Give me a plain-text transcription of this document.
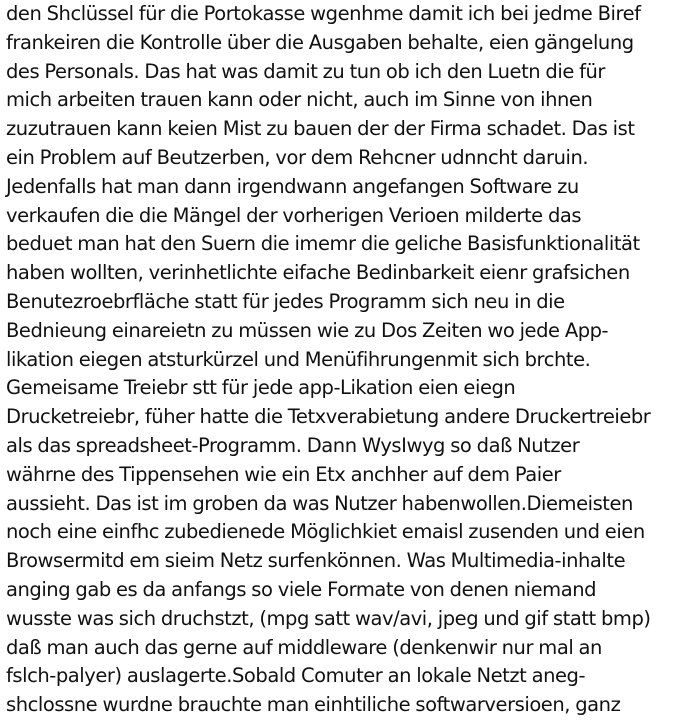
den Shclüssel für die Portokasse wgenhme damit ich bei jedme Biref
frankeiren die Kontrolle über die Ausgaben behalte, eien gängelung
des Personals. Das hat was damit zu tun ob ich den Luetn die für
mich arbeiten trauen kann oder nicht, auch im Sinne von ihnen
zuzutrauen kann keien Mist zu bauen der der Firma schadet. Das ist
ein Problem auf Beutzerben, vor dem Rehcner udnncht daruin.
Jedenfalls hat man dann irgendwann angefangen Software zu
verkaufen die die Mängel der vorherigen Verioen milderte das
beduet man hat den Suern die imemr die geliche Basisfunktionalität
haben wollten, verinhetlichte eifache Bedinbarkeit eienr grafsichen
Benutezroebrfläche statt für jedes Programm sich neu in die
Bednieung einareietn zu müssen wie zu Dos Zeiten wo jede App-
likation eiegen atsturkürzel und Menüfihrungenmit sich brchte.
Gemeisame Treiebr stt für jede app-Likation eien eiegn
Drucketreiebr, füher hatte die Tetxverabietung andere Druckertreiebr
als das spreadsheet-Programm. Dann WysIwyg so daß Nutzer
währne des Tippensehen wie ein Etx anchher auf dem Paier
aussieht. Das ist im groben da was Nutzer habenwollen.Diemeisten
noch eine einfhc zubedienede Möglichkiet emaisl zusenden und eien
Browsermitd em sieim Netz surfenkönnen. Was Multimedia-inhalte
anging gab es da anfangs so viele Formate von denen niemand
wusste was sich druchstzt, (mpg satt wav/avi, jpeg und gif statt bmp)
daß man auch das gerne auf middleware (denkenwir nur mal an
fslch-palyer) auslagerte.Sobald Comuter an lokale Netzt aneg-
shclossne wurdne brauchte man einhtiliche softwarversioen, ganz
